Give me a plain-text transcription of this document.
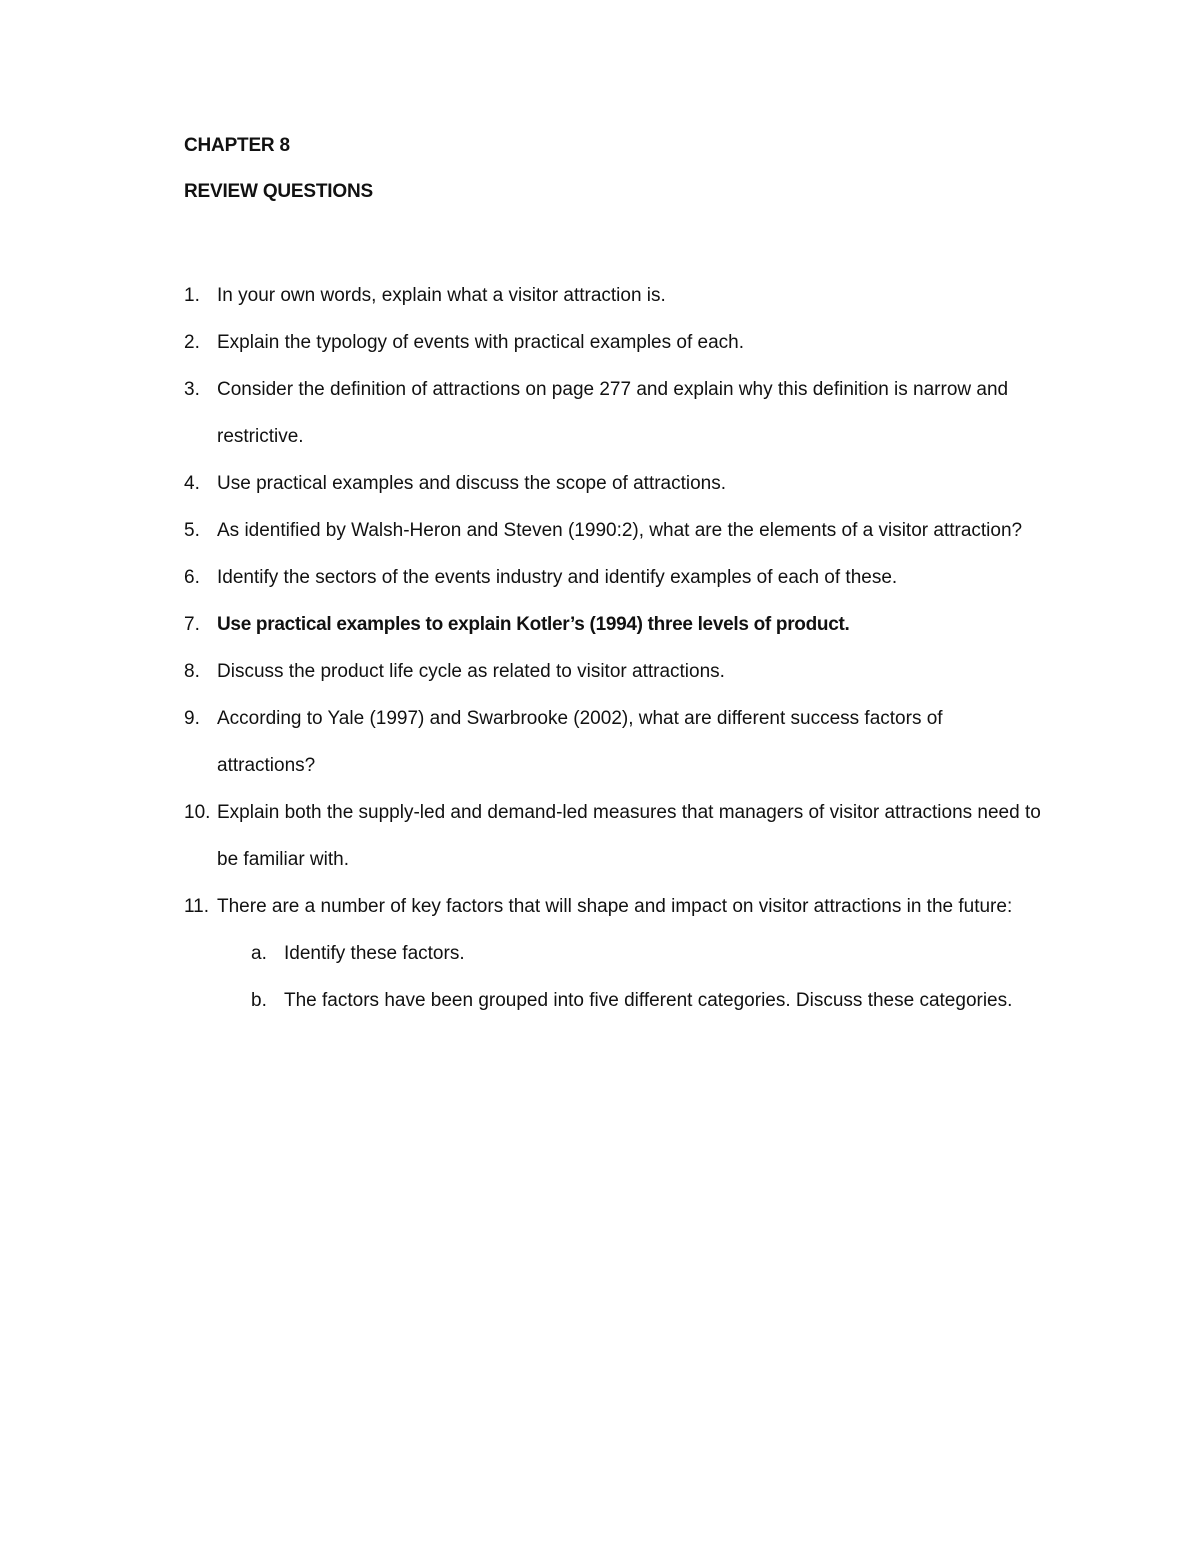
CHAPTER 8
REVIEW QUESTIONS
1. In your own words, explain what a visitor attraction is.
2. Explain the typology of events with practical examples of each.
3. Consider the definition of attractions on page 277 and explain why this definition is narrow and restrictive.
4. Use practical examples and discuss the scope of attractions.
5. As identified by Walsh-Heron and Steven (1990:2), what are the elements of a visitor attraction?
6. Identify the sectors of the events industry and identify examples of each of these.
7. Use practical examples to explain Kotler’s (1994) three levels of product.
8. Discuss the product life cycle as related to visitor attractions.
9. According to Yale (1997) and Swarbrooke (2002), what are different success factors of attractions?
10. Explain both the supply-led and demand-led measures that managers of visitor attractions need to be familiar with.
11. There are a number of key factors that will shape and impact on visitor attractions in the future:
a. Identify these factors.
b. The factors have been grouped into five different categories. Discuss these categories.
